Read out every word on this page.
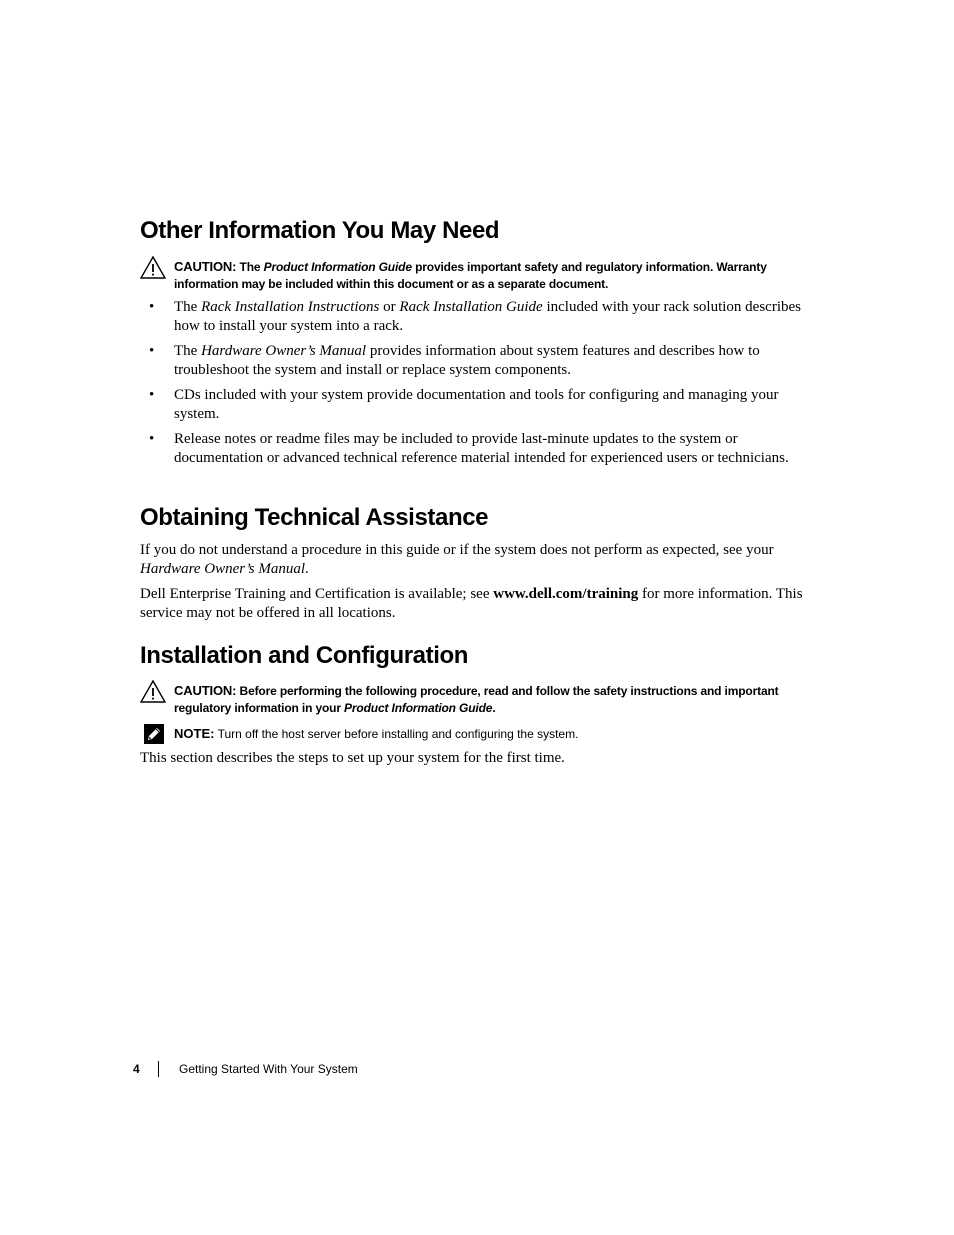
Other Information You May Need
CAUTION: The Product Information Guide provides important safety and regulatory information. Warranty information may be included within this document or as a separate document.
• The Rack Installation Instructions or Rack Installation Guide included with your rack solution describes how to install your system into a rack.
• The Hardware Owner’s Manual provides information about system features and describes how to troubleshoot the system and install or replace system components.
• CDs included with your system provide documentation and tools for configuring and managing your system.
• Release notes or readme files may be included to provide last-minute updates to the system or documentation or advanced technical reference material intended for experienced users or technicians.
Obtaining Technical Assistance

If you do not understand a procedure in this guide or if the system does not perform as expected, see your Hardware Owner’s Manual.

Dell Enterprise Training and Certification is available; see www.dell.com/training for more information. This service may not be offered in all locations.

Installation and Configuration
CAUTION: Before performing the following procedure, read and follow the safety instructions and important regulatory information in your Product Information Guide.
NOTE: Turn off the host server before installing and configuring the system.

This section describes the steps to set up your system for the first time.

4	Getting Started With Your System
